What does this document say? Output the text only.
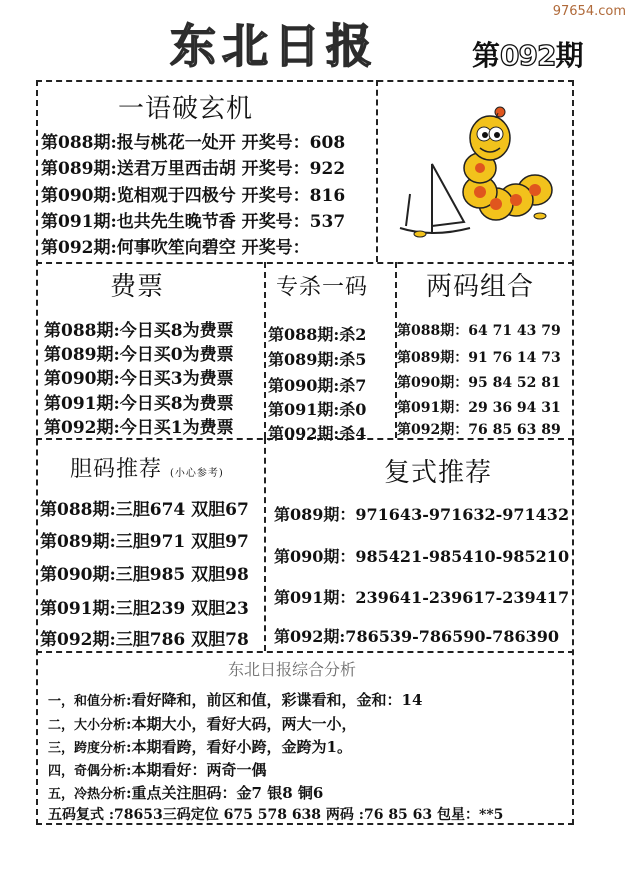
97654.com
东北日报	第092期
一语破玄机
第088期:报与桃花一处开 开奖号：608
第089期:送君万里西击胡 开奖号：922
第090期:览相观于四极兮 开奖号：816
第091期:也共先生晚节香 开奖号：537
第092期:何事吹笙向碧空 开奖号：
费票
第088期:今日买8为费票
第089期:今日买0为费票
第090期:今日买3为费票
第091期:今日买8为费票
第092期:今日买1为费票
专杀一码
第088期:杀2
第089期:杀5
第090期:杀7
第091期:杀0
第092期:杀4
两码组合
第088期：64 71 43 79
第089期：91 76 14 73
第090期：95 84 52 81
第091期：29 36 94 31
第092期：76 85 63 89
胆码推荐 (小心参考)
第088期:三胆674 双胆67
第089期:三胆971 双胆97
第090期:三胆985 双胆98
第091期:三胆239 双胆23
第092期:三胆786 双胆78
复式推荐
第089期：971643-971632-971432
第090期：985421-985410-985210
第091期：239641-239617-239417
第092期:786539-786590-786390
东北日报综合分析
一，和值分析:看好降和，前区和值，彩谍看和，金和：14
二，大小分析:本期大小，看好大码，两大一小，
三，跨度分析:本期看跨，看好小跨，金跨为1。
四，奇偶分析:本期看好：两奇一偶
五，冷热分析:重点关注胆码：金7 银8 铜6
五码复式 :78653三码定位 675 578 638 两码 :76 85 63 包星：**5
